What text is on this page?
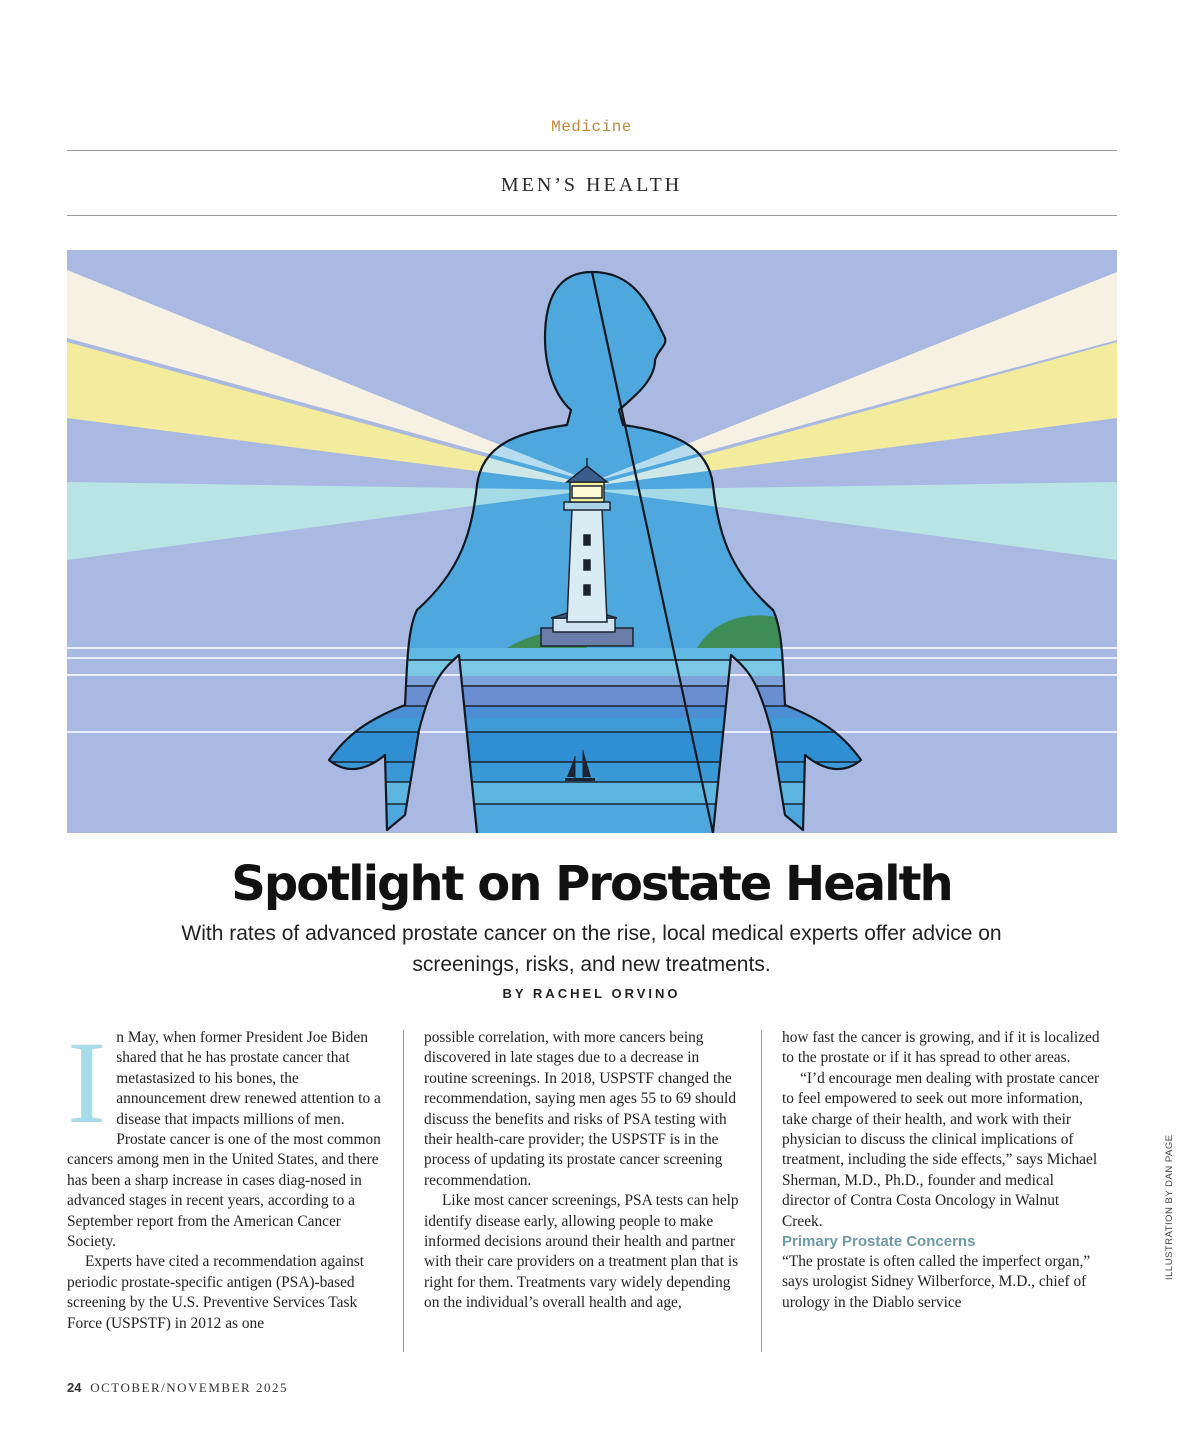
Medicine
MEN’S HEALTH
Spotlight on Prostate Health
With rates of advanced prostate cancer on the rise, local medical experts offer advice on screenings, risks, and new treatments.
BY RACHEL ORVINO
I n May, when former President Joe Biden shared that he has prostate cancer that metastasized to his bones, the announcement drew renewed attention to a disease that impacts millions of men. Prostate cancer is one of the most common cancers among men in the United States, and there has been a sharp increase in cases diag-nosed in advanced stages in recent years, according to a September report from the American Cancer Society.

Experts have cited a recommendation against periodic prostate-specific antigen (PSA)-based screening by the U.S. Preventive Services Task Force (USPSTF) in 2012 as one

possible correlation, with more cancers being discovered in late stages due to a decrease in routine screenings. In 2018, USPSTF changed the recommendation, saying men ages 55 to 69 should discuss the benefits and risks of PSA testing with their health-care provider; the USPSTF is in the process of updating its prostate cancer screening recommendation.

Like most cancer screenings, PSA tests can help identify disease early, allowing people to make informed decisions around their health and partner with their care providers on a treatment plan that is right for them. Treatments vary widely depending on the individual’s overall health and age,

how fast the cancer is growing, and if it is localized to the prostate or if it has spread to other areas.

“I’d encourage men dealing with prostate cancer to feel empowered to seek out more information, take charge of their health, and work with their physician to discuss the clinical implications of treatment, including the side effects,” says Michael Sherman, M.D., Ph.D., founder and medical director of Contra Costa Oncology in Walnut Creek.

Primary Prostate Concerns

“The prostate is often called the imperfect organ,” says urologist Sidney Wilberforce, M.D., chief of urology in the Diablo service

24 OCTOBER/NOVEMBER 2025
ILLUSTRATION BY DAN PAGE
